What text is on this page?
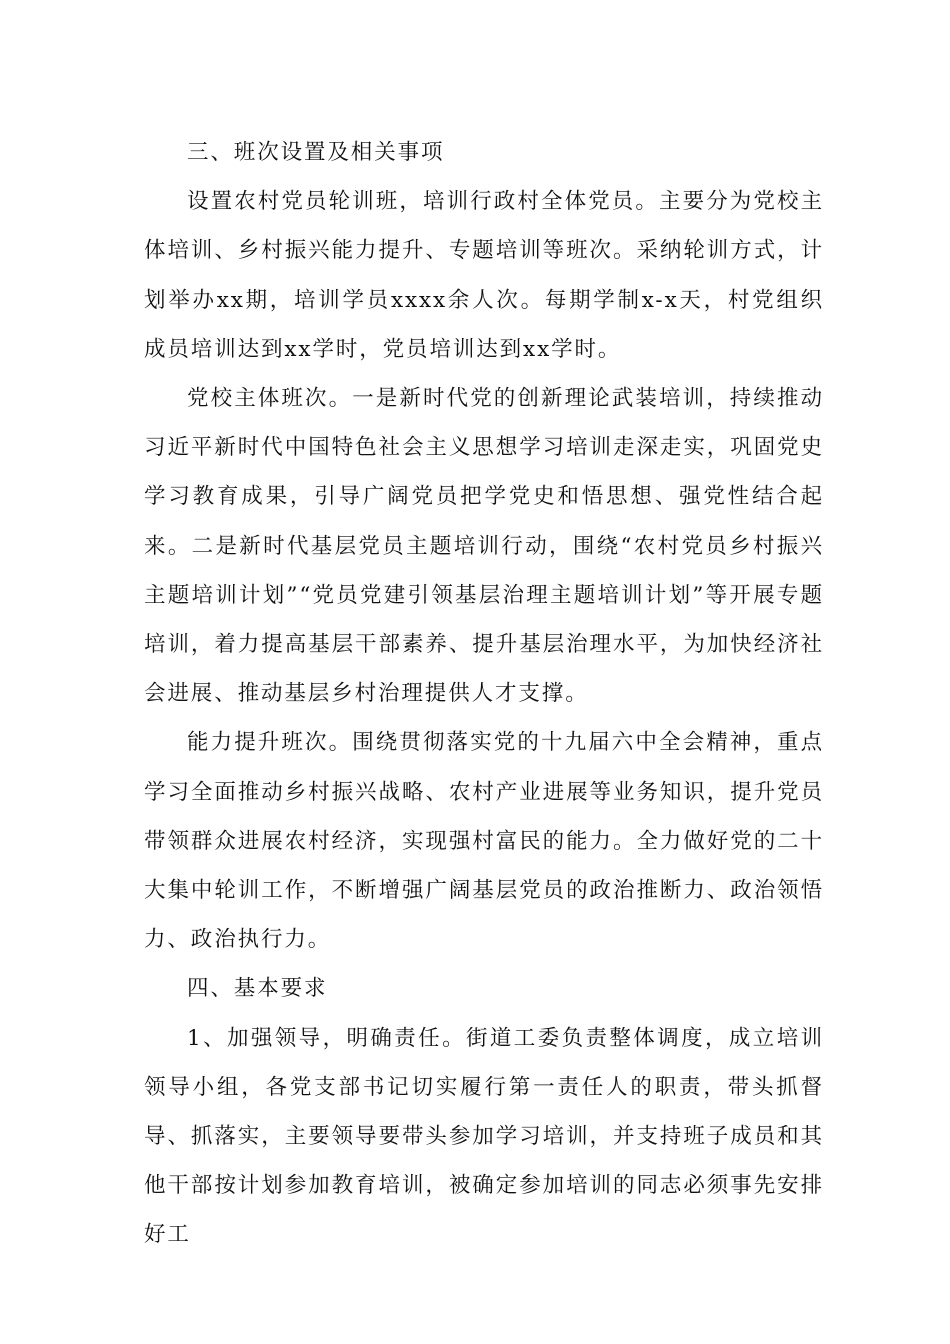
三、班次设置及相关事项

设置农村党员轮训班，培训行政村全体党员。主要分为党校主体培训、乡村振兴能力提升、专题培训等班次。采纳轮训方式，计划举办xx期，培训学员xxxx余人次。每期学制x-x天，村党组织成员培训达到xx学时，党员培训达到xx学时。

党校主体班次。一是新时代党的创新理论武装培训，持续推动习近平新时代中国特色社会主义思想学习培训走深走实，巩固党史学习教育成果，引导广阔党员把学党史和悟思想、强党性结合起来。二是新时代基层党员主题培训行动，围绕“农村党员乡村振兴主题培训计划”“党员党建引领基层治理主题培训计划”等开展专题培训，着力提高基层干部素养、提升基层治理水平，为加快经济社会进展、推动基层乡村治理提供人才支撑。

能力提升班次。围绕贯彻落实党的十九届六中全会精神，重点学习全面推动乡村振兴战略、农村产业进展等业务知识，提升党员带领群众进展农村经济，实现强村富民的能力。全力做好党的二十大集中轮训工作，不断增强广阔基层党员的政治推断力、政治领悟力、政治执行力。

四、基本要求

1、加强领导，明确责任。街道工委负责整体调度，成立培训领导小组，各党支部书记切实履行第一责任人的职责，带头抓督导、抓落实，主要领导要带头参加学习培训，并支持班子成员和其他干部按计划参加教育培训，被确定参加培训的同志必须事先安排好工
